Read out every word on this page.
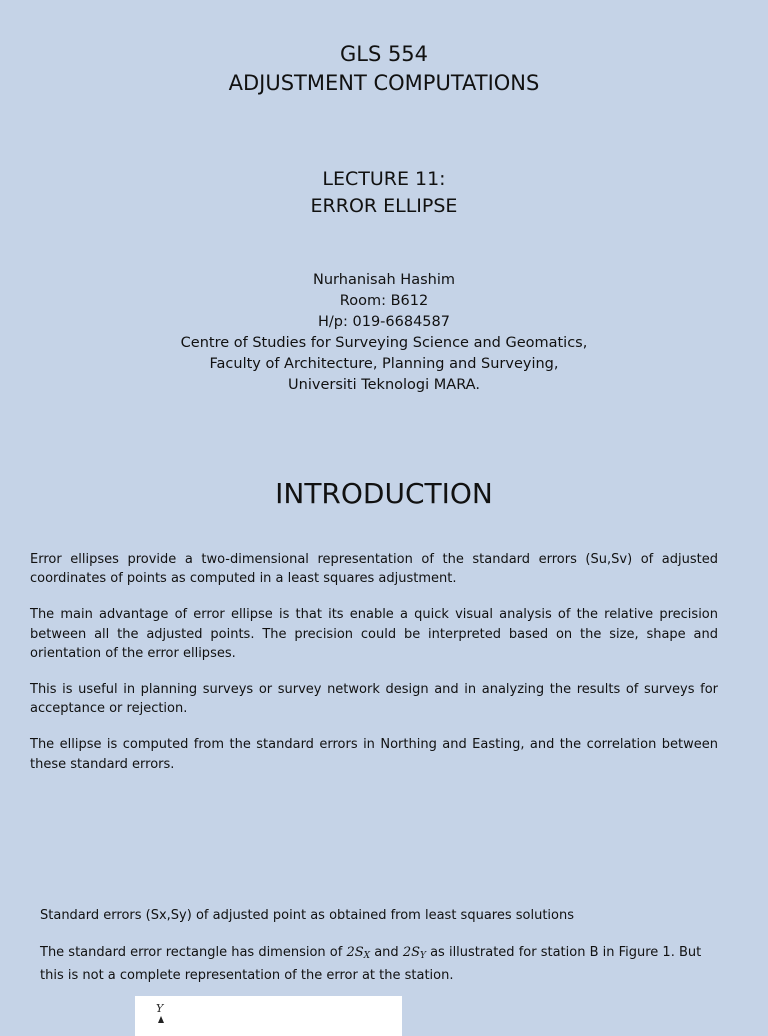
GLS 554
ADJUSTMENT COMPUTATIONS
LECTURE 11:
ERROR ELLIPSE
Nurhanisah Hashim
Room: B612
H/p: 019-6684587
Centre of Studies for Surveying Science and Geomatics,
Faculty of Architecture, Planning and Surveying,
Universiti Teknologi MARA.
INTRODUCTION

Error ellipses provide a two-dimensional representation of the standard errors (Su,Sv) of adjusted coordinates of points as computed in a least squares adjustment.

The main advantage of error ellipse is that its enable a quick visual analysis of the relative precision between all the adjusted points. The precision could be interpreted based on the size, shape and orientation of the error ellipses.

This is useful in planning surveys or survey network design and in analyzing the results of surveys for acceptance or rejection.

The ellipse is computed from the standard errors in Northing and Easting, and the correlation between these standard errors.

Standard errors (Sx,Sy) of adjusted point as obtained from least squares solutions

The standard error rectangle has dimension of $2S_X$ and $2S_Y$ as illustrated for station B in Figure 1. But this is not a complete representation of the error at the station.

Y
